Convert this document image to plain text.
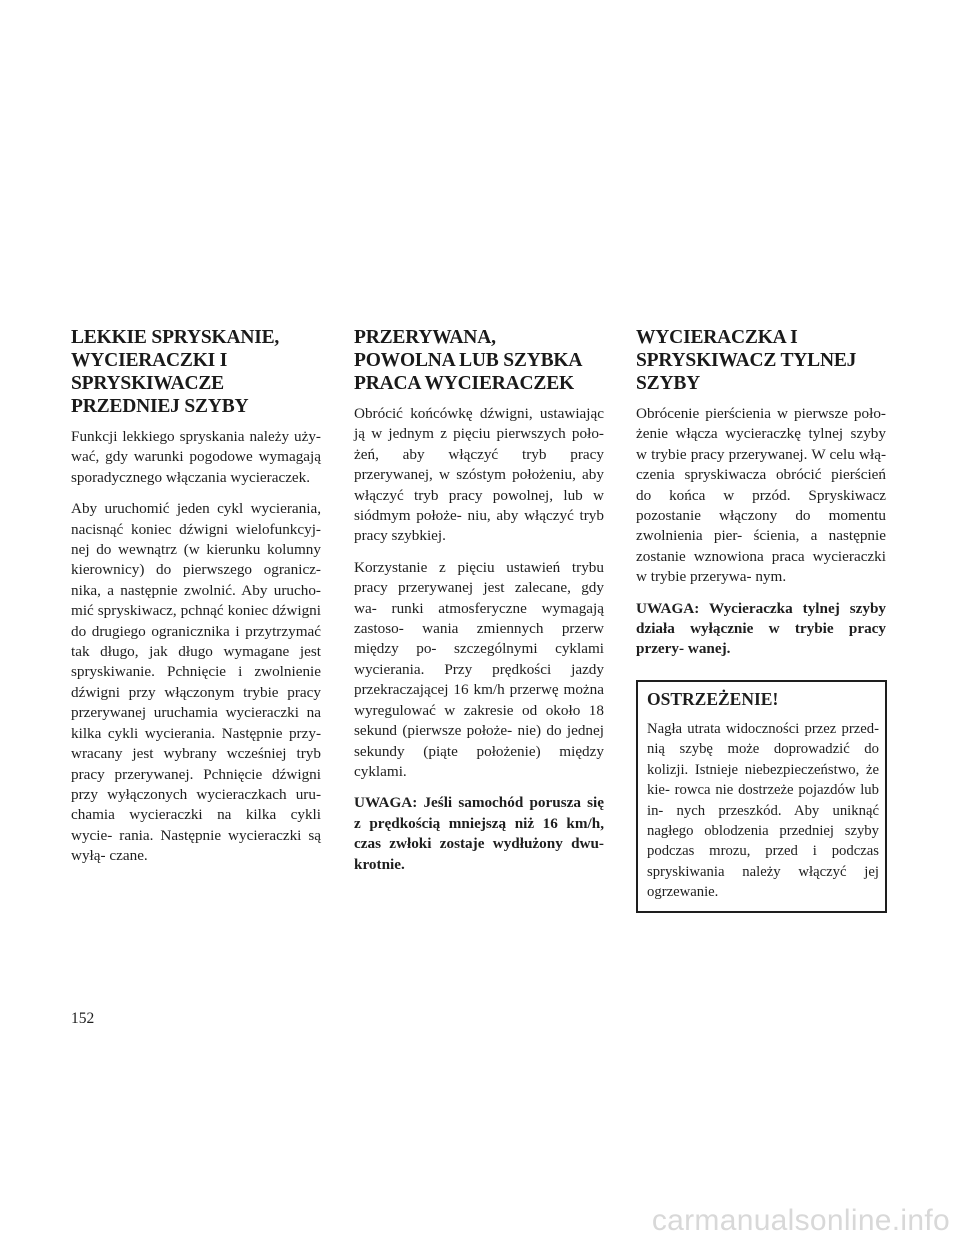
LEKKIE SPRYSKANIE,
WYCIERACZKI I
SPRYSKIWACZE
PRZEDNIEJ SZYBY

Funkcji lekkiego spryskania należy uży- wać, gdy warunki pogodowe wymagają sporadycznego włączania wycieraczek.

Aby uruchomić jeden cykl wycierania, nacisnąć koniec dźwigni wielofunkcyj- nej do wewnątrz (w kierunku kolumny kierownicy) do pierwszego ogranicz- nika, a następnie zwolnić. Aby urucho- mić spryskiwacz, pchnąć koniec dźwigni do drugiego ogranicznika i przytrzymać tak długo, jak długo wymagane jest spryskiwanie. Pchnięcie i zwolnienie dźwigni przy włączonym trybie pracy przerywanej uruchamia wycieraczki na kilka cykli wycierania. Następnie przy- wracany jest wybrany wcześniej tryb pracy przerywanej. Pchnięcie dźwigni przy wyłączonych wycieraczkach uru- chamia wycieraczki na kilka cykli wycie- rania. Następnie wycieraczki są wyłą- czane.

PRZERYWANA,
POWOLNA LUB SZYBKA
PRACA WYCIERACZEK

Obrócić końcówkę dźwigni, ustawiając ją w jednym z pięciu pierwszych poło- żeń, aby włączyć tryb pracy przerywanej, w szóstym położeniu, aby włączyć tryb pracy powolnej, lub w siódmym położe- niu, aby włączyć tryb pracy szybkiej.

Korzystanie z pięciu ustawień trybu pracy przerywanej jest zalecane, gdy wa- runki atmosferyczne wymagają zastoso- wania zmiennych przerw między po- szczególnymi cyklami wycierania. Przy prędkości jazdy przekraczającej 16 km/h przerwę można wyregulować w zakresie od około 18 sekund (pierwsze położe- nie) do jednej sekundy (piąte położenie) między cyklami.

UWAGA: Jeśli samochód porusza się z prędkością mniejszą niż 16 km/h, czas zwłoki zostaje wydłużony dwu- krotnie.

WYCIERACZKA I
SPRYSKIWACZ TYLNEJ
SZYBY

Obrócenie pierścienia w pierwsze poło- żenie włącza wycieraczkę tylnej szyby w trybie pracy przerywanej. W celu włą- czenia spryskiwacza obrócić pierścień do końca w przód. Spryskiwacz pozostanie włączony do momentu zwolnienia pier- ścienia, a następnie zostanie wznowiona praca wycieraczki w trybie przerywa- nym.

UWAGA: Wycieraczka tylnej szyby działa wyłącznie w trybie pracy przery- wanej.

OSTRZEŻENIE!

Nagła utrata widoczności przez przed- nią szybę może doprowadzić do kolizji. Istnieje niebezpieczeństwo, że kie- rowca nie dostrzeże pojazdów lub in- nych przeszkód. Aby uniknąć nagłego oblodzenia przedniej szyby podczas mrozu, przed i podczas spryskiwania należy włączyć jej ogrzewanie.

152
carmanualsonline.info
